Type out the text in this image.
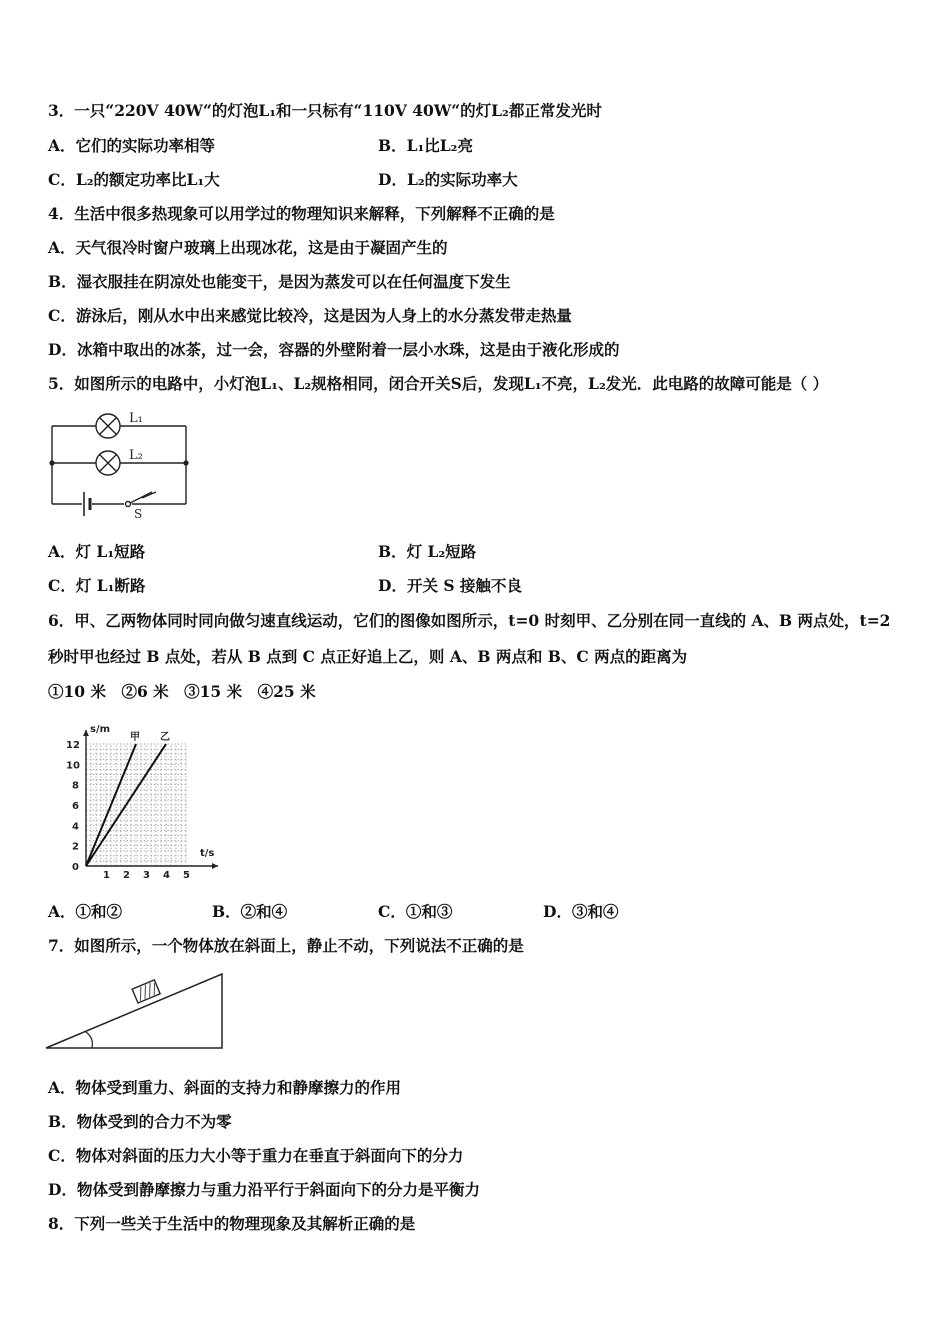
3．一只“220V 40W“的灯泡L₁和一只标有“110V 40W“的灯L₂都正常发光时
A．它们的实际功率相等	B．L₁比L₂亮
C．L₂的额定功率比L₁大	D．L₂的实际功率大
4．生活中很多热现象可以用学过的物理知识来解释，下列解释不正确的是
A．天气很冷时窗户玻璃上出现冰花，这是由于凝固产生的
B．湿衣服挂在阴凉处也能变干，是因为蒸发可以在任何温度下发生
C．游泳后，刚从水中出来感觉比较冷，这是因为人身上的水分蒸发带走热量
D．冰箱中取出的冰茶，过一会，容器的外壁附着一层小水珠，这是由于液化形成的
5．如图所示的电路中，小灯泡L₁、L₂规格相同，闭合开关S后，发现L₁不亮，L₂发光．此电路的故障可能是（ ）
L₁
L₂
S
A．灯 L₁短路	B．灯 L₂短路
C．灯 L₁断路	D．开关 S 接触不良
6．甲、乙两物体同时同向做匀速直线运动，它们的图像如图所示，t=0 时刻甲、乙分别在同一直线的 A、B 两点处，t=2
秒时甲也经过 B 点处，若从 B 点到 C 点正好追上乙，则 A、B 两点和 B、C 两点的距离为
①10 米　②6 米　③15 米　④25 米
1 2 3 4 5
0
2
4
6
8
10
12
t/s
s/m
甲 乙
A．①和②	B．②和④	C．①和③	D．③和④
7．如图所示，一个物体放在斜面上，静止不动，下列说法不正确的是
A．物体受到重力、斜面的支持力和静摩擦力的作用
B．物体受到的合力不为零
C．物体对斜面的压力大小等于重力在垂直于斜面向下的分力
D．物体受到静摩擦力与重力沿平行于斜面向下的分力是平衡力
8．下列一些关于生活中的物理现象及其解析正确的是
